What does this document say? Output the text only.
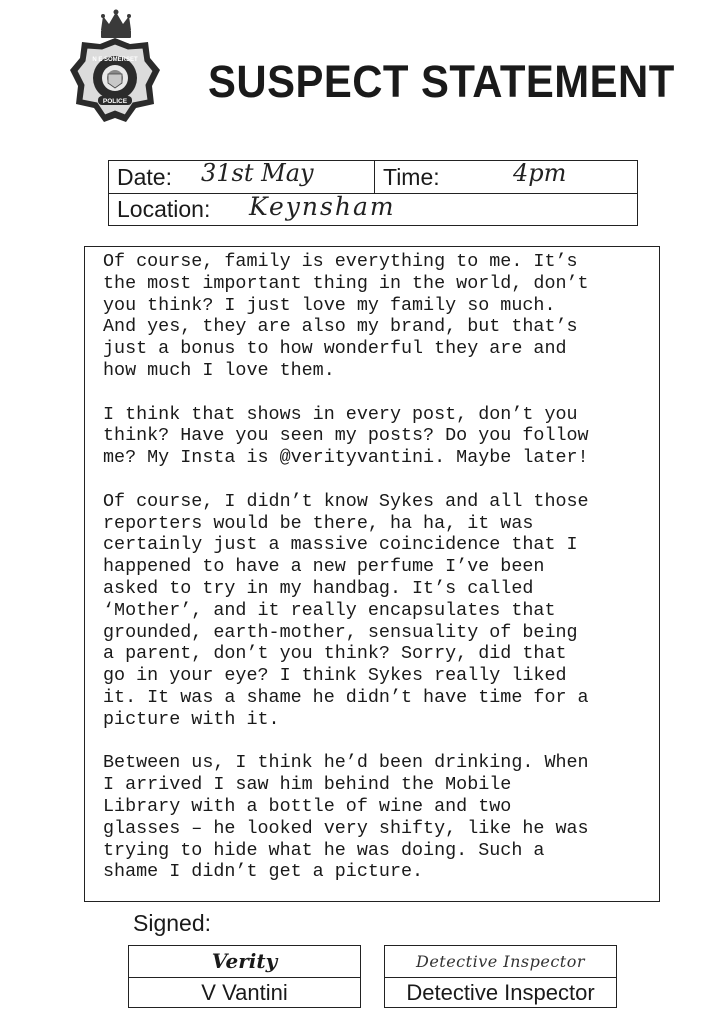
N E SOMERSET
POLICE SUSPECT STATEMENT
Date: 31st May	Time:	4pm
Location: Keynsham
Of course, family is everything to me. It’s
the most important thing in the world, don’t
you think? I just love my family so much.
And yes, they are also my brand, but that’s
just a bonus to how wonderful they are and
how much I love them.

I think that shows in every post, don’t you
think? Have you seen my posts? Do you follow
me? My Insta is @verityvantini. Maybe later!

Of course, I didn’t know Sykes and all those
reporters would be there, ha ha, it was
certainly just a massive coincidence that I
happened to have a new perfume I’ve been
asked to try in my handbag. It’s called
‘Mother’, and it really encapsulates that
grounded, earth-mother, sensuality of being
a parent, don’t you think? Sorry, did that
go in your eye? I think Sykes really liked
it. It was a shame he didn’t have time for a
picture with it.

Between us, I think he’d been drinking. When
I arrived I saw him behind the Mobile
Library with a bottle of wine and two
glasses – he looked very shifty, like he was
trying to hide what he was doing. Such a
shame I didn’t get a picture.
Signed:
Verity
V Vantini
Detective Inspector
Detective Inspector
